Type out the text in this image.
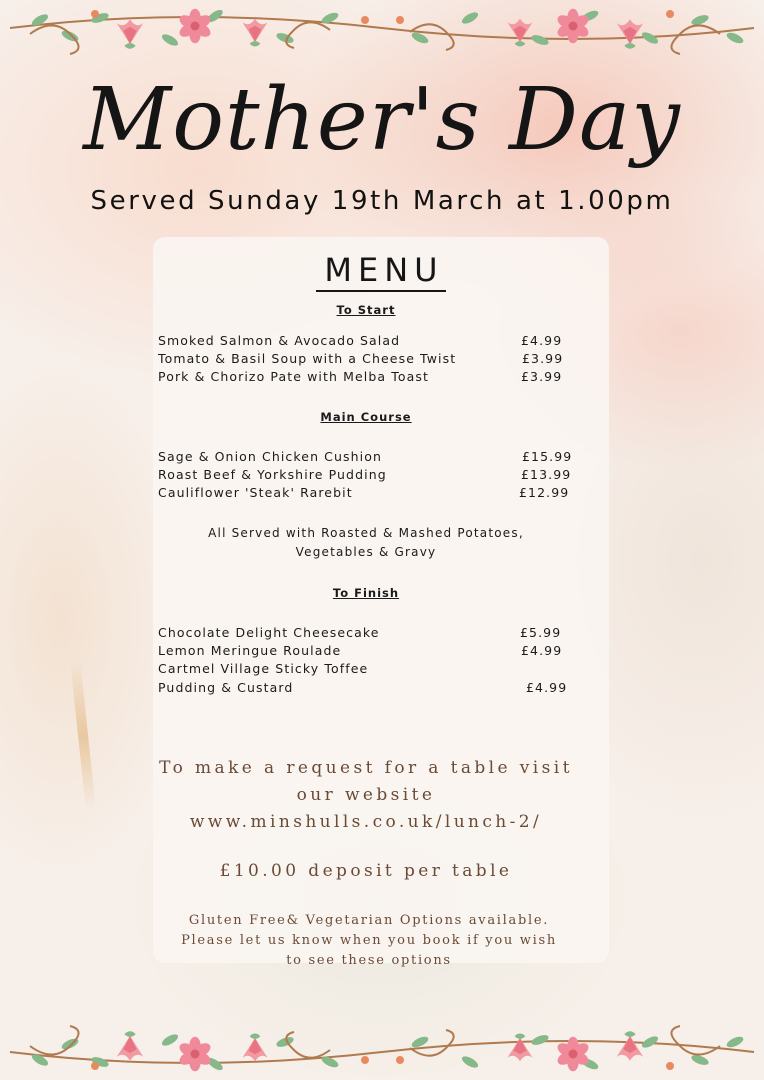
Mother's Day
Served Sunday 19th March at 1.00pm
MENU
To Start
Smoked Salmon & Avocado Salad	£4.99
Tomato & Basil Soup with a Cheese Twist	£3.99
Pork & Chorizo Pate with Melba Toast	£3.99
Main Course
Sage & Onion Chicken Cushion	£15.99
Roast Beef & Yorkshire Pudding	£13.99
Cauliflower 'Steak' Rarebit	£12.99
All Served with Roasted & Mashed Potatoes,
Vegetables & Gravy
To Finish
Chocolate Delight Cheesecake	£5.99
Lemon Meringue Roulade	£4.99
Cartmel Village Sticky Toffee
Pudding & Custard	£4.99
To make a request for a table visit
our website
www.minshulls.co.uk/lunch-2/
£10.00 deposit per table
Gluten Free& Vegetarian Options available.
Please let us know when you book if you wish
to see these options
